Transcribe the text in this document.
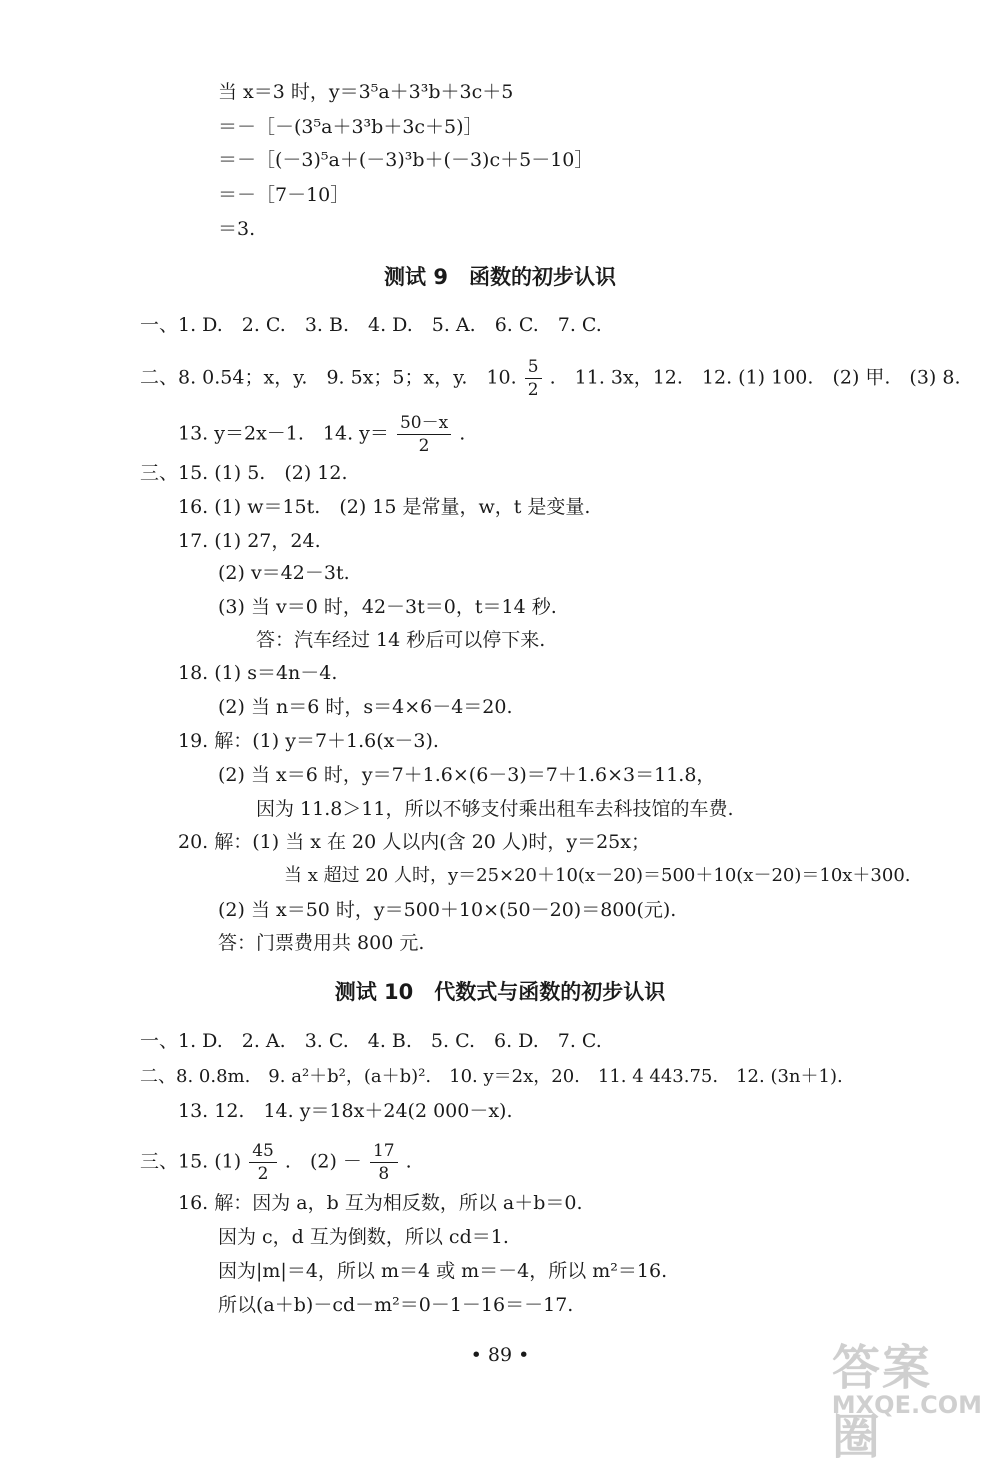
当 x＝3 时，y＝3⁵a＋3³b＋3c＋5
＝－［－(3⁵a＋3³b＋3c＋5)］
＝－［(－3)⁵a＋(－3)³b＋(－3)c＋5－10］
＝－［7－10］
＝3.
测试 9　函数的初步认识
一、1. D.　2. C.　3. B.　4. D.　5. A.　6. C.　7. C.
二、8. 0.54；x，y.　9. 5x；5；x，y.　10. $\frac{5}{2}$ .　11. 3x，12.　12. (1) 100.　(2) 甲.　(3) 8.
13. y＝2x－1.　14. $y= \frac{50-x}{2}$ .
三、15. (1) 5.　(2) 12.
16. (1) w＝15t.　(2) 15 是常量，w，t 是变量.
17. (1) 27，24.
(2) v＝42－3t.
(3) 当 v＝0 时，42－3t＝0，t＝14 秒.
答：汽车经过 14 秒后可以停下来.
18. (1) s＝4n－4.
(2) 当 n＝6 时，s＝4×6－4＝20.
19. 解：(1) y＝7＋1.6(x－3).
(2) 当 x＝6 时，y＝7＋1.6×(6－3)＝7＋1.6×3＝11.8，
因为 11.8＞11，所以不够支付乘出租车去科技馆的车费.
20. 解：(1) 当 x 在 20 人以内(含 20 人)时，y＝25x；
当 x 超过 20 人时，y＝25×20＋10(x－20)＝500＋10(x－20)＝10x＋300.
(2) 当 x＝50 时，y＝500＋10×(50－20)＝800(元).
答：门票费用共 800 元.
测试 10　代数式与函数的初步认识
一、1. D.　2. A.　3. C.　4. B.　5. C.　6. D.　7. C.
二、8. 0.8m.　9. a²＋b²，(a＋b)².　10. y＝2x，20.　11. 4 443.75.　12. (3n＋1).
13. 12.　14. y＝18x＋24(2 000－x).
三、15. $(1) \frac{45}{2}$ .　$(2) - \frac{17}{8}$ .
16. 解：因为 a，b 互为相反数，所以 a＋b＝0.
因为 c，d 互为倒数，所以 cd＝1.
因为|m|＝4，所以 m＝4 或 m＝－4，所以 m²＝16.
所以(a＋b)－cd－m²＝0－1－16＝－17.
• 89 •	答案圈
MXQE.COM
